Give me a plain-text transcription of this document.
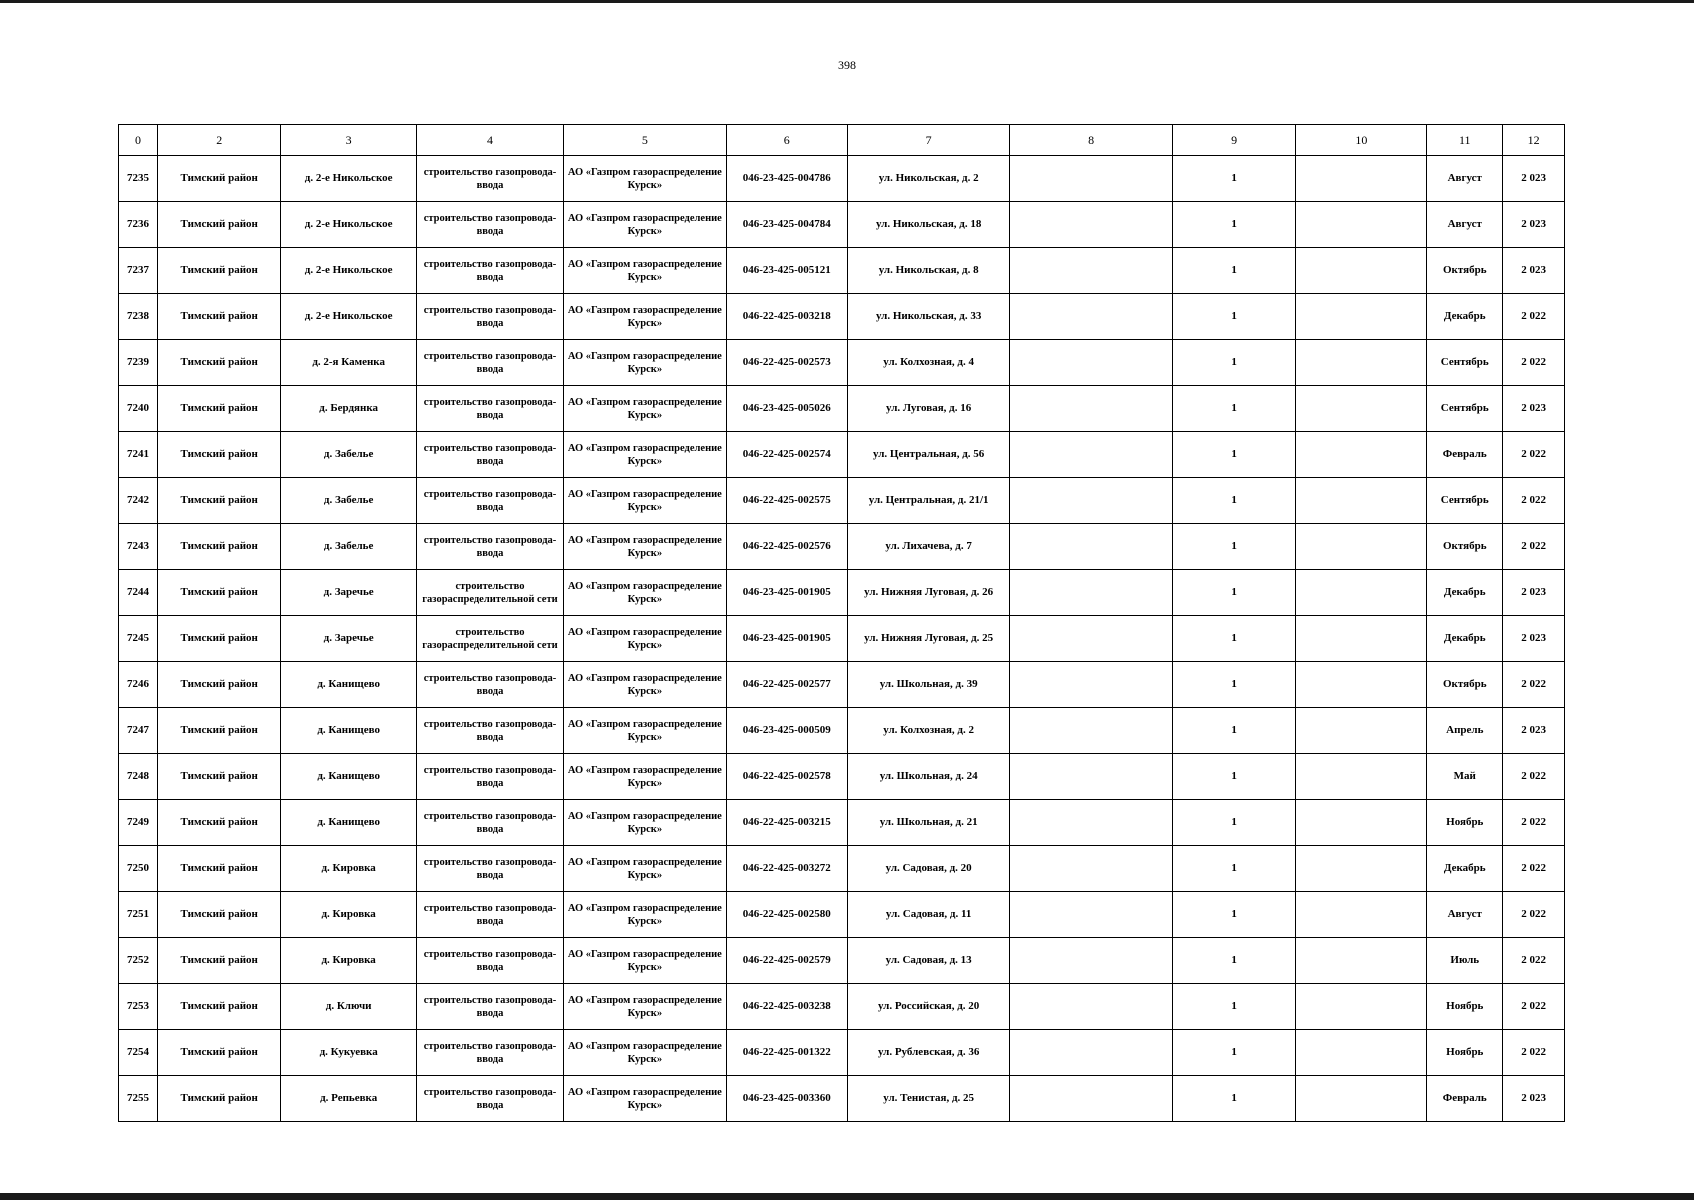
398
0	2	3	4	5	6	7	8	9	10	11	12
7235	Тимский район	д. 2-е Никольское	строительство газопровода-ввода	АО «Газпром газораспределение Курск»	046-23-425-004786	ул. Никольская, д. 2		1		Август	2 023
7236	Тимский район	д. 2-е Никольское	строительство газопровода-ввода	АО «Газпром газораспределение Курск»	046-23-425-004784	ул. Никольская, д. 18		1		Август	2 023
7237	Тимский район	д. 2-е Никольское	строительство газопровода-ввода	АО «Газпром газораспределение Курск»	046-23-425-005121	ул. Никольская, д. 8		1		Октябрь	2 023
7238	Тимский район	д. 2-е Никольское	строительство газопровода-ввода	АО «Газпром газораспределение Курск»	046-22-425-003218	ул. Никольская, д. 33		1		Декабрь	2 022
7239	Тимский район	д. 2-я Каменка	строительство газопровода-ввода	АО «Газпром газораспределение Курск»	046-22-425-002573	ул. Колхозная, д. 4		1		Сентябрь	2 022
7240	Тимский район	д. Бердянка	строительство газопровода-ввода	АО «Газпром газораспределение Курск»	046-23-425-005026	ул. Луговая, д. 16		1		Сентябрь	2 023
7241	Тимский район	д. Забелье	строительство газопровода-ввода	АО «Газпром газораспределение Курск»	046-22-425-002574	ул. Центральная, д. 56		1		Февраль	2 022
7242	Тимский район	д. Забелье	строительство газопровода-ввода	АО «Газпром газораспределение Курск»	046-22-425-002575	ул. Центральная, д. 21/1		1		Сентябрь	2 022
7243	Тимский район	д. Забелье	строительство газопровода-ввода	АО «Газпром газораспределение Курск»	046-22-425-002576	ул. Лихачева, д. 7		1		Октябрь	2 022
7244	Тимский район	д. Заречье	строительство газораспределительной сети	АО «Газпром газораспределение Курск»	046-23-425-001905	ул. Нижняя Луговая, д. 26		1		Декабрь	2 023
7245	Тимский район	д. Заречье	строительство газораспределительной сети	АО «Газпром газораспределение Курск»	046-23-425-001905	ул. Нижняя Луговая, д. 25		1		Декабрь	2 023
7246	Тимский район	д. Канищево	строительство газопровода-ввода	АО «Газпром газораспределение Курск»	046-22-425-002577	ул. Школьная, д. 39		1		Октябрь	2 022
7247	Тимский район	д. Канищево	строительство газопровода-ввода	АО «Газпром газораспределение Курск»	046-23-425-000509	ул. Колхозная, д. 2		1		Апрель	2 023
7248	Тимский район	д. Канищево	строительство газопровода-ввода	АО «Газпром газораспределение Курск»	046-22-425-002578	ул. Школьная, д. 24		1		Май	2 022
7249	Тимский район	д. Канищево	строительство газопровода-ввода	АО «Газпром газораспределение Курск»	046-22-425-003215	ул. Школьная, д. 21		1		Ноябрь	2 022
7250	Тимский район	д. Кировка	строительство газопровода-ввода	АО «Газпром газораспределение Курск»	046-22-425-003272	ул. Садовая, д. 20		1		Декабрь	2 022
7251	Тимский район	д. Кировка	строительство газопровода-ввода	АО «Газпром газораспределение Курск»	046-22-425-002580	ул. Садовая, д. 11		1		Август	2 022
7252	Тимский район	д. Кировка	строительство газопровода-ввода	АО «Газпром газораспределение Курск»	046-22-425-002579	ул. Садовая, д. 13		1		Июль	2 022
7253	Тимский район	д. Ключи	строительство газопровода-ввода	АО «Газпром газораспределение Курск»	046-22-425-003238	ул. Российская, д. 20		1		Ноябрь	2 022
7254	Тимский район	д. Кукуевка	строительство газопровода-ввода	АО «Газпром газораспределение Курск»	046-22-425-001322	ул. Рублевская, д. 36		1		Ноябрь	2 022
7255	Тимский район	д. Репьевка	строительство газопровода-ввода	АО «Газпром газораспределение Курск»	046-23-425-003360	ул. Тенистая, д. 25		1		Февраль	2 023
